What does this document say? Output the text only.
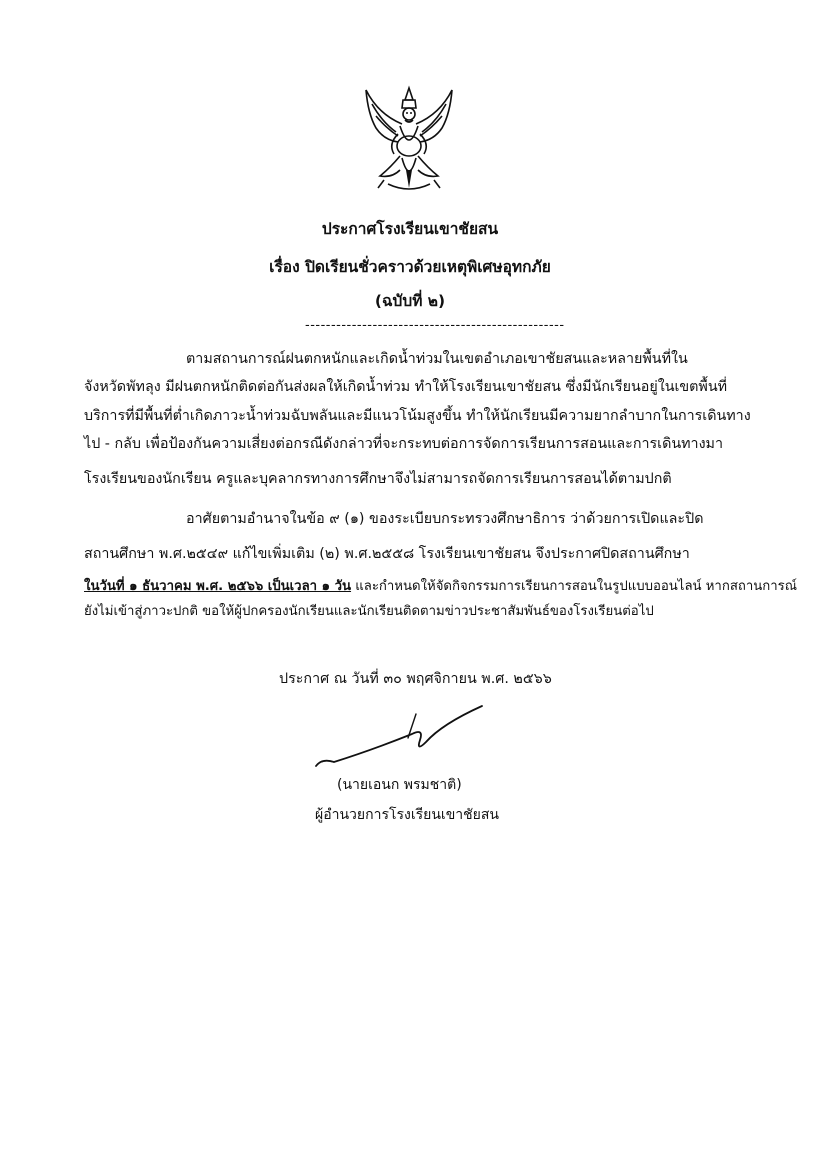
ประกาศโรงเรียนเขาชัยสน
เรื่อง ปิดเรียนชั่วคราวด้วยเหตุพิเศษอุทกภัย
(ฉบับที่ ๒)
--------------------------------------------------
ตามสถานการณ์ฝนตกหนักและเกิดน้ำท่วมในเขตอำเภอเขาชัยสนและหลายพื้นที่ใน
จังหวัดพัทลุง มีฝนตกหนักติดต่อกันส่งผลให้เกิดน้ำท่วม ทำให้โรงเรียนเขาชัยสน ซึ่งมีนักเรียนอยู่ในเขตพื้นที่
บริการที่มีพื้นที่ต่ำเกิดภาวะน้ำท่วมฉับพลันและมีแนวโน้มสูงขึ้น ทำให้นักเรียนมีความยากลำบากในการเดินทาง
ไป - กลับ เพื่อป้องกันความเสี่ยงต่อกรณีดังกล่าวที่จะกระทบต่อการจัดการเรียนการสอนและการเดินทางมา
โรงเรียนของนักเรียน ครูและบุคลากรทางการศึกษาจึงไม่สามารถจัดการเรียนการสอนได้ตามปกติ
อาศัยตามอำนาจในข้อ ๙ (๑) ของระเบียบกระทรวงศึกษาธิการ ว่าด้วยการเปิดและปิด
สถานศึกษา พ.ศ.๒๕๔๙ แก้ไขเพิ่มเติม (๒) พ.ศ.๒๕๕๘ โรงเรียนเขาชัยสน จึงประกาศปิดสถานศึกษา
ในวันที่ ๑ ธันวาคม พ.ศ. ๒๕๖๖ เป็นเวลา ๑ วัน และกำหนดให้จัดกิจกรรมการเรียนการสอนในรูปแบบออนไลน์ หากสถานการณ์
ยังไม่เข้าสู่ภาวะปกติ ขอให้ผู้ปกครองนักเรียนและนักเรียนติดตามข่าวประชาสัมพันธ์ของโรงเรียนต่อไป
ประกาศ ณ วันที่ ๓๐ พฤศจิกายน พ.ศ. ๒๕๖๖
(นายเอนก พรมชาติ)
ผู้อำนวยการโรงเรียนเขาชัยสน
